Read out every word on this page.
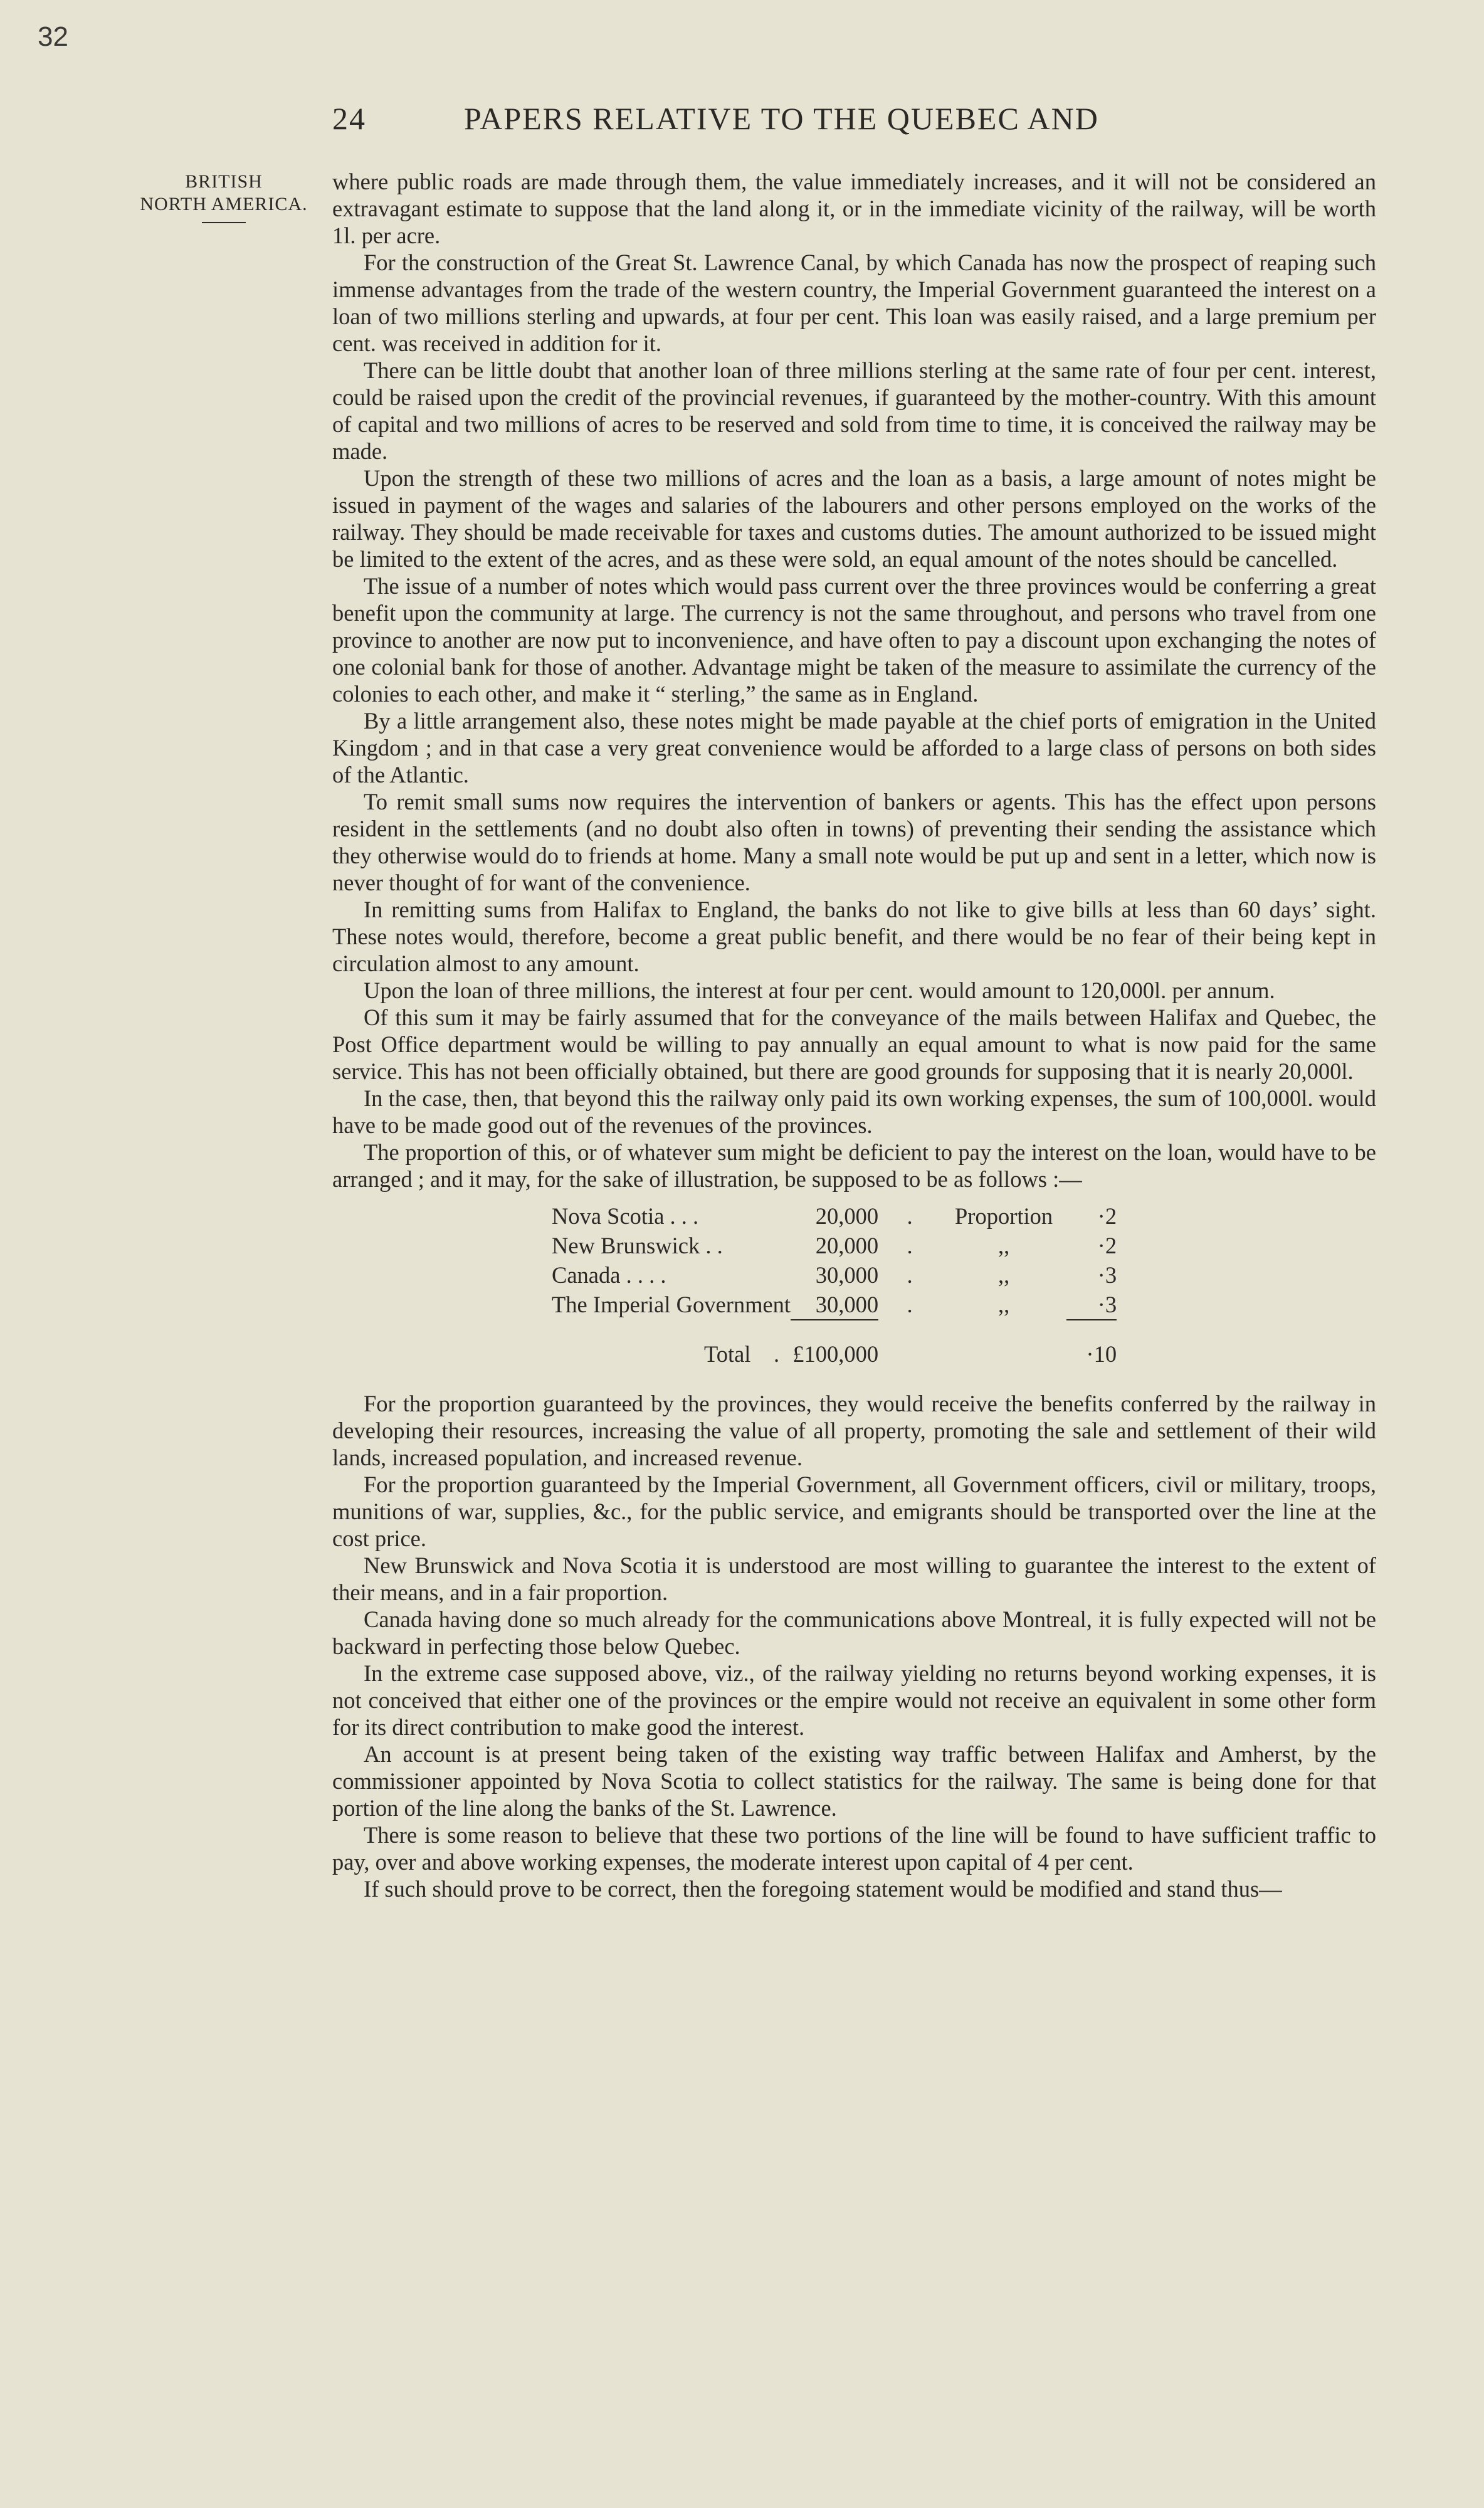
32
24	PAPERS RELATIVE TO THE QUEBEC AND
BRITISH
NORTH AMERICA.

where public roads are made through them, the value immediately increases, and it will not be considered an extravagant estimate to suppose that the land along it, or in the immediate vicinity of the railway, will be worth 1l. per acre.

For the construction of the Great St. Lawrence Canal, by which Canada has now the prospect of reaping such immense advantages from the trade of the western country, the Imperial Government guaranteed the interest on a loan of two millions sterling and upwards, at four per cent. This loan was easily raised, and a large premium per cent. was received in addition for it.

There can be little doubt that another loan of three millions sterling at the same rate of four per cent. interest, could be raised upon the credit of the provincial revenues, if guaranteed by the mother-country. With this amount of capital and two millions of acres to be reserved and sold from time to time, it is conceived the railway may be made.

Upon the strength of these two millions of acres and the loan as a basis, a large amount of notes might be issued in payment of the wages and salaries of the labourers and other persons employed on the works of the railway. They should be made receivable for taxes and customs duties. The amount authorized to be issued might be limited to the extent of the acres, and as these were sold, an equal amount of the notes should be cancelled.

The issue of a number of notes which would pass current over the three provinces would be conferring a great benefit upon the community at large. The currency is not the same throughout, and persons who travel from one province to another are now put to inconvenience, and have often to pay a discount upon exchanging the notes of one colonial bank for those of another. Advantage might be taken of the measure to assimilate the currency of the colonies to each other, and make it “ sterling,” the same as in England.

By a little arrangement also, these notes might be made payable at the chief ports of emigration in the United Kingdom ; and in that case a very great convenience would be afforded to a large class of persons on both sides of the Atlantic.

To remit small sums now requires the intervention of bankers or agents. This has the effect upon persons resident in the settlements (and no doubt also often in towns) of preventing their sending the assistance which they otherwise would do to friends at home. Many a small note would be put up and sent in a letter, which now is never thought of for want of the convenience.

In remitting sums from Halifax to England, the banks do not like to give bills at less than 60 days’ sight. These notes would, therefore, become a great public benefit, and there would be no fear of their being kept in circulation almost to any amount.

Upon the loan of three millions, the interest at four per cent. would amount to 120,000l. per annum.

Of this sum it may be fairly assumed that for the conveyance of the mails between Halifax and Quebec, the Post Office department would be willing to pay annually an equal amount to what is now paid for the same service. This has not been officially obtained, but there are good grounds for supposing that it is nearly 20,000l.

In the case, then, that beyond this the railway only paid its own working expenses, the sum of 100,000l. would have to be made good out of the revenues of the provinces.

The proportion of this, or of whatever sum might be deficient to pay the interest on the loan, would have to be arranged ; and it may, for the sake of illustration, be supposed to be as follows :—

Nova Scotia . . .	20,000	.	Proportion	·2
New Brunswick . .	20,000	.	,,	·2
Canada . . . .	30,000	.	,,	·3
The Imperial Government	30,000	.	,,	·3

Total .	£100,000			·10

For the proportion guaranteed by the provinces, they would receive the benefits conferred by the railway in developing their resources, increasing the value of all property, promoting the sale and settlement of their wild lands, increased population, and increased revenue.

For the proportion guaranteed by the Imperial Government, all Government officers, civil or military, troops, munitions of war, supplies, &c., for the public service, and emigrants should be transported over the line at the cost price.

New Brunswick and Nova Scotia it is understood are most willing to guarantee the interest to the extent of their means, and in a fair proportion.

Canada having done so much already for the communications above Montreal, it is fully expected will not be backward in perfecting those below Quebec.

In the extreme case supposed above, viz., of the railway yielding no returns beyond working expenses, it is not conceived that either one of the provinces or the empire would not receive an equivalent in some other form for its direct contribution to make good the interest.

An account is at present being taken of the existing way traffic between Halifax and Amherst, by the commissioner appointed by Nova Scotia to collect statistics for the railway. The same is being done for that portion of the line along the banks of the St. Lawrence.

There is some reason to believe that these two portions of the line will be found to have sufficient traffic to pay, over and above working expenses, the moderate interest upon capital of 4 per cent.

If such should prove to be correct, then the foregoing statement would be modified and stand thus—
